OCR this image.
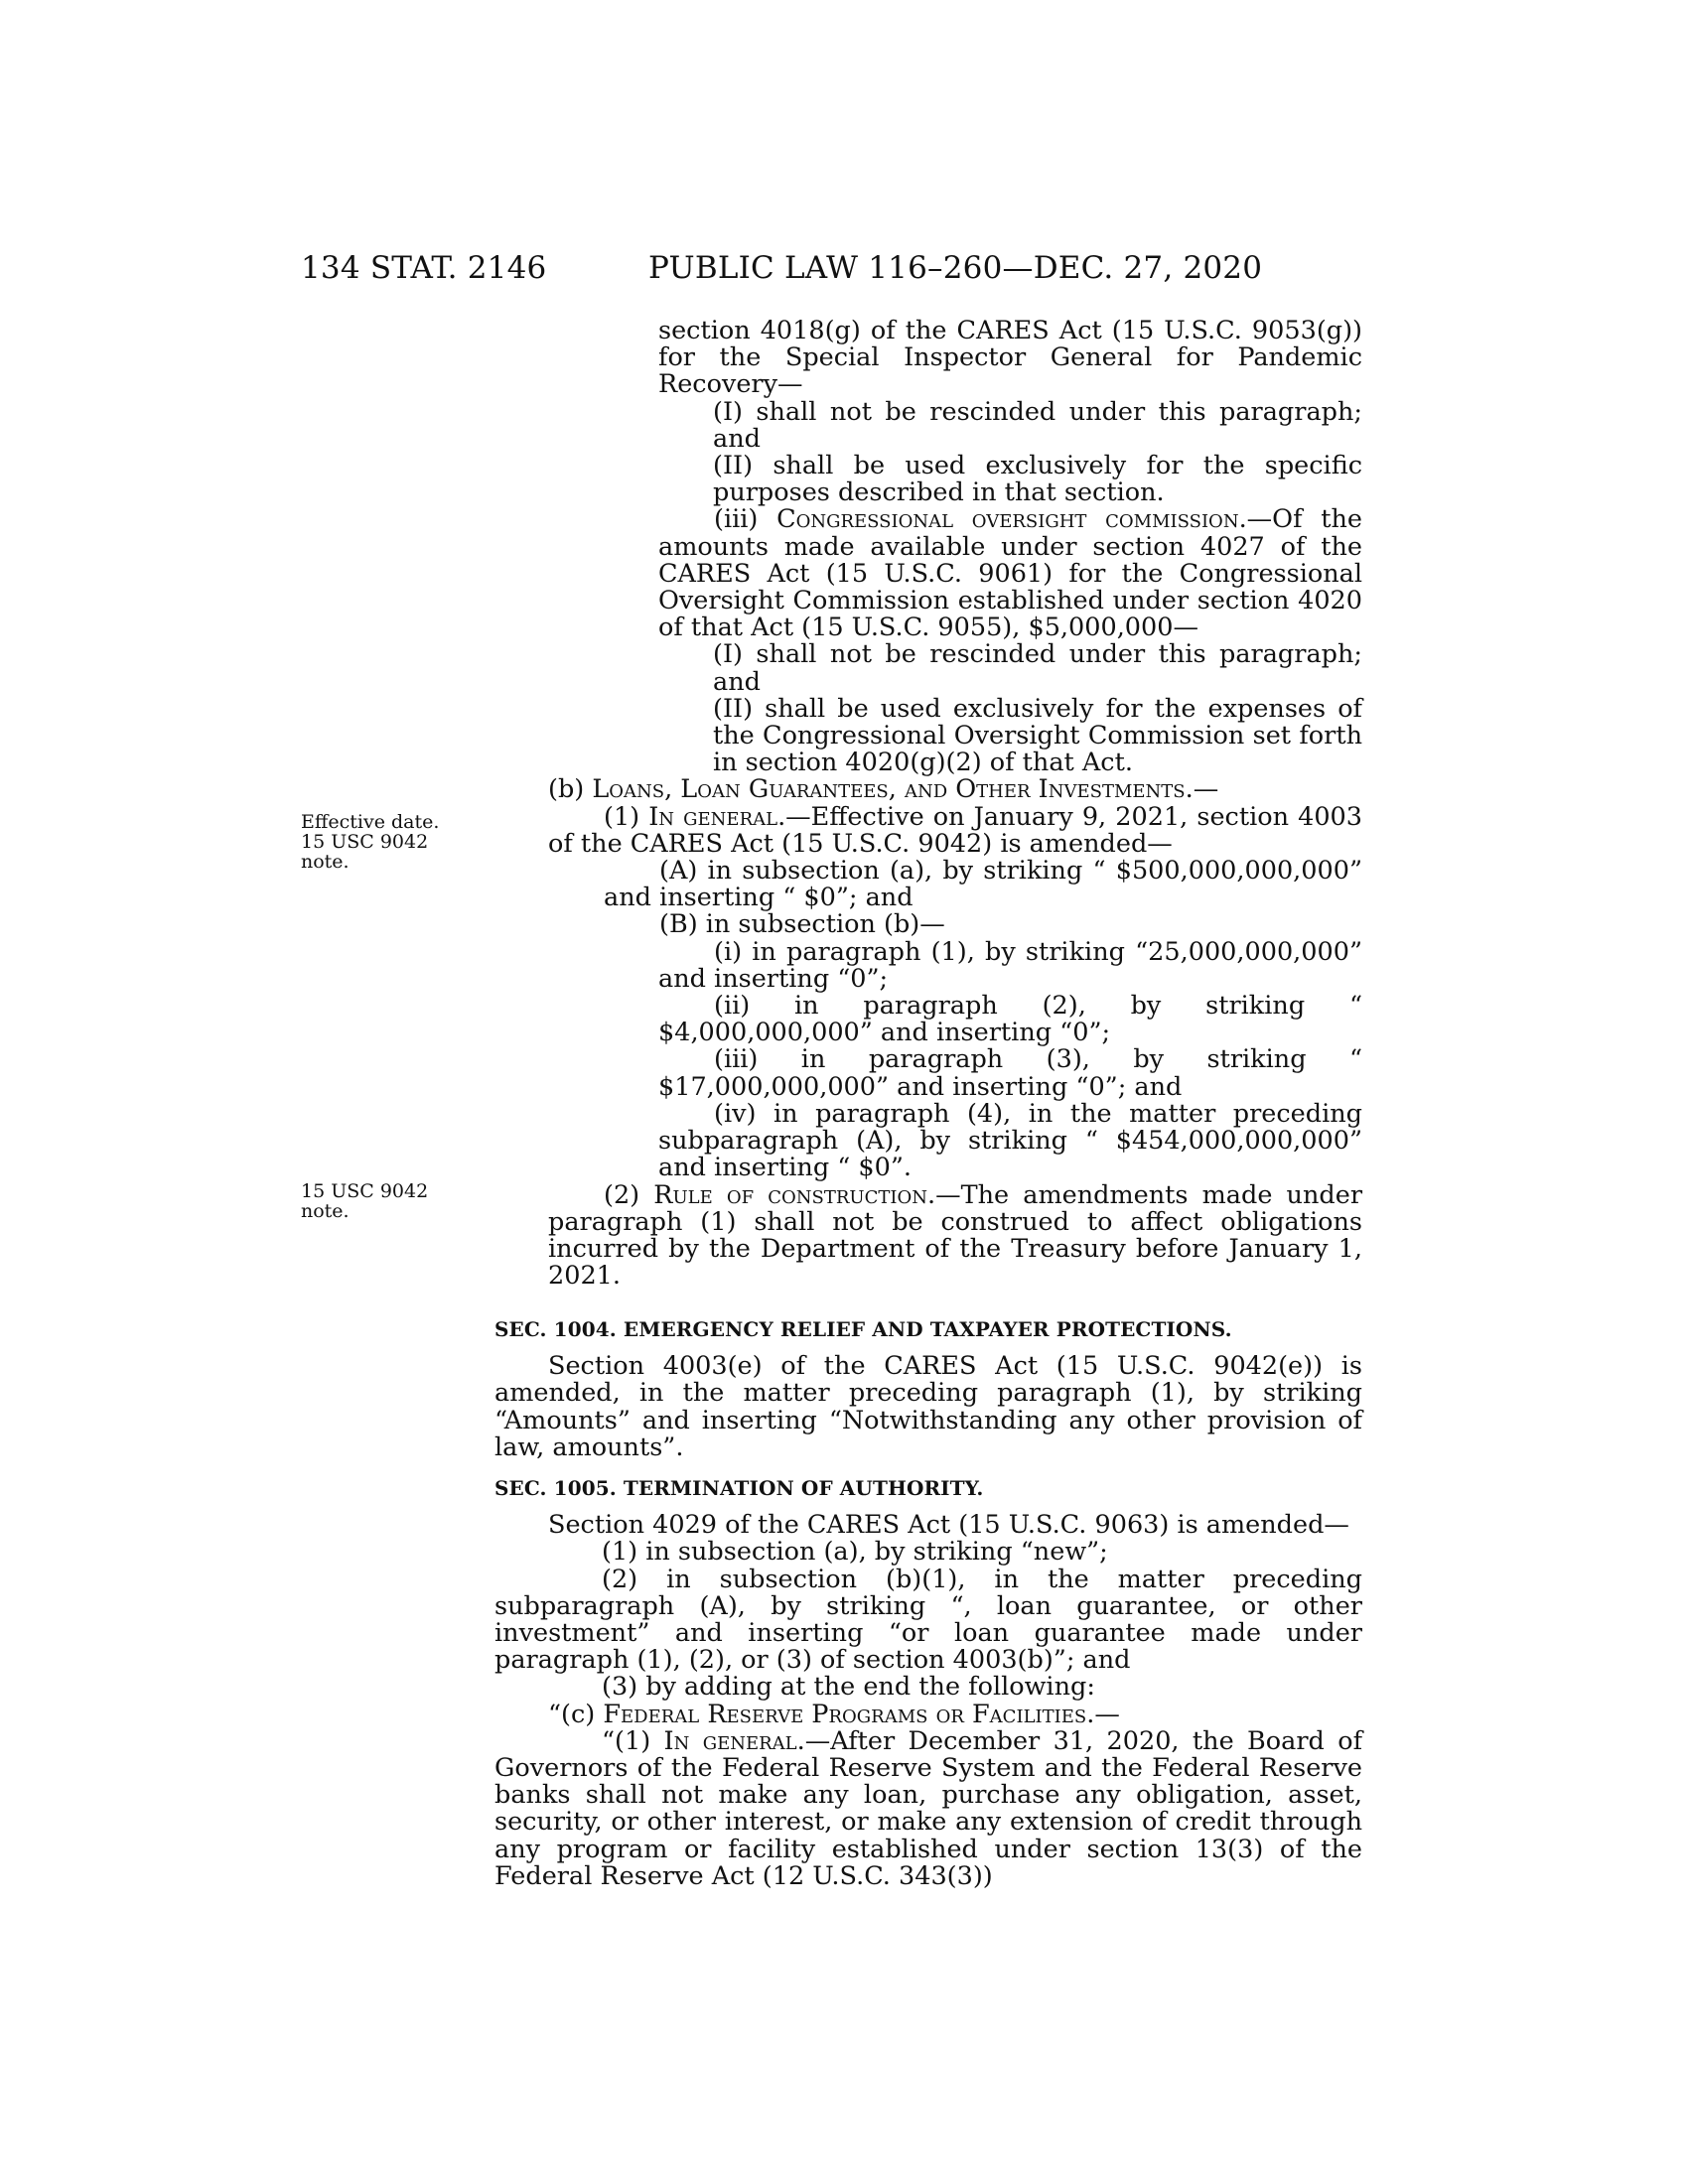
134 STAT. 2146	PUBLIC LAW 116–260—DEC. 27, 2020
Effective date.
15 USC 9042
note.
15 USC 9042
note.

section 4018(g) of the CARES Act (15 U.S.C. 9053(g)) for the Special Inspector General for Pandemic Recovery—

(I) shall not be rescinded under this paragraph; and

(II) shall be used exclusively for the specific purposes described in that section.

(iii) Congressional oversight commission.—Of the amounts made available under section 4027 of the CARES Act (15 U.S.C. 9061) for the Congressional Oversight Commission established under section 4020 of that Act (15 U.S.C. 9055), $5,000,000—

(I) shall not be rescinded under this paragraph; and

(II) shall be used exclusively for the expenses of the Congressional Oversight Commission set forth in section 4020(g)(2) of that Act.

(b) Loans, Loan Guarantees, and Other Investments.—

(1) In general.—Effective on January 9, 2021, section 4003 of the CARES Act (15 U.S.C. 9042) is amended—

(A) in subsection (a), by striking “ $500,000,000,000” and inserting “ $0”; and

(B) in subsection (b)—

(i) in paragraph (1), by striking “25,000,000,000” and inserting “0”;

(ii) in paragraph (2), by striking “ $4,000,000,000” and inserting “0”;

(iii) in paragraph (3), by striking “ $17,000,000,000” and inserting “0”; and

(iv) in paragraph (4), in the matter preceding subparagraph (A), by striking “ $454,000,000,000” and inserting “ $0”.

(2) Rule of construction.—The amendments made under paragraph (1) shall not be construed to affect obligations incurred by the Department of the Treasury before January 1, 2021.

SEC. 1004. EMERGENCY RELIEF AND TAXPAYER PROTECTIONS.

Section 4003(e) of the CARES Act (15 U.S.C. 9042(e)) is amended, in the matter preceding paragraph (1), by striking “Amounts” and inserting “Notwithstanding any other provision of law, amounts”.

SEC. 1005. TERMINATION OF AUTHORITY.

Section 4029 of the CARES Act (15 U.S.C. 9063) is amended—

(1) in subsection (a), by striking “new”;

(2) in subsection (b)(1), in the matter preceding subparagraph (A), by striking “, loan guarantee, or other investment” and inserting “or loan guarantee made under paragraph (1), (2), or (3) of section 4003(b)”; and

(3) by adding at the end the following:

“(c) Federal Reserve Programs or Facilities.—

“(1) In general.—After December 31, 2020, the Board of Governors of the Federal Reserve System and the Federal Reserve banks shall not make any loan, purchase any obligation, asset, security, or other interest, or make any extension of credit through any program or facility established under section 13(3) of the Federal Reserve Act (12 U.S.C. 343(3))
